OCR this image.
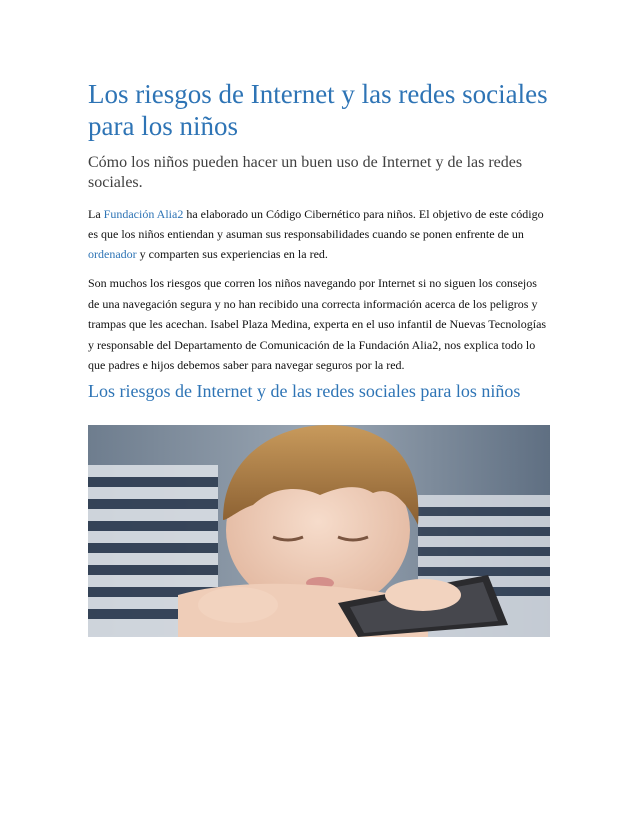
Los riesgos de Internet y las redes sociales para los niños

Cómo los niños pueden hacer un buen uso de Internet y de las redes sociales.

La Fundación Alia2 ha elaborado un Código Cibernético para niños. El objetivo de este código es que los niños entiendan y asuman sus responsabilidades cuando se ponen enfrente de un ordenador y comparten sus experiencias en la red.

Son muchos los riesgos que corren los niños navegando por Internet si no siguen los consejos de una navegación segura y no han recibido una correcta información acerca de los peligros y trampas que les acechan. Isabel Plaza Medina, experta en el uso infantil de Nuevas Tecnologías y responsable del Departamento de Comunicación de la Fundación Alia2, nos explica todo lo que padres e hijos debemos saber para navegar seguros por la red.

Los riesgos de Internet y de las redes sociales para los niños
